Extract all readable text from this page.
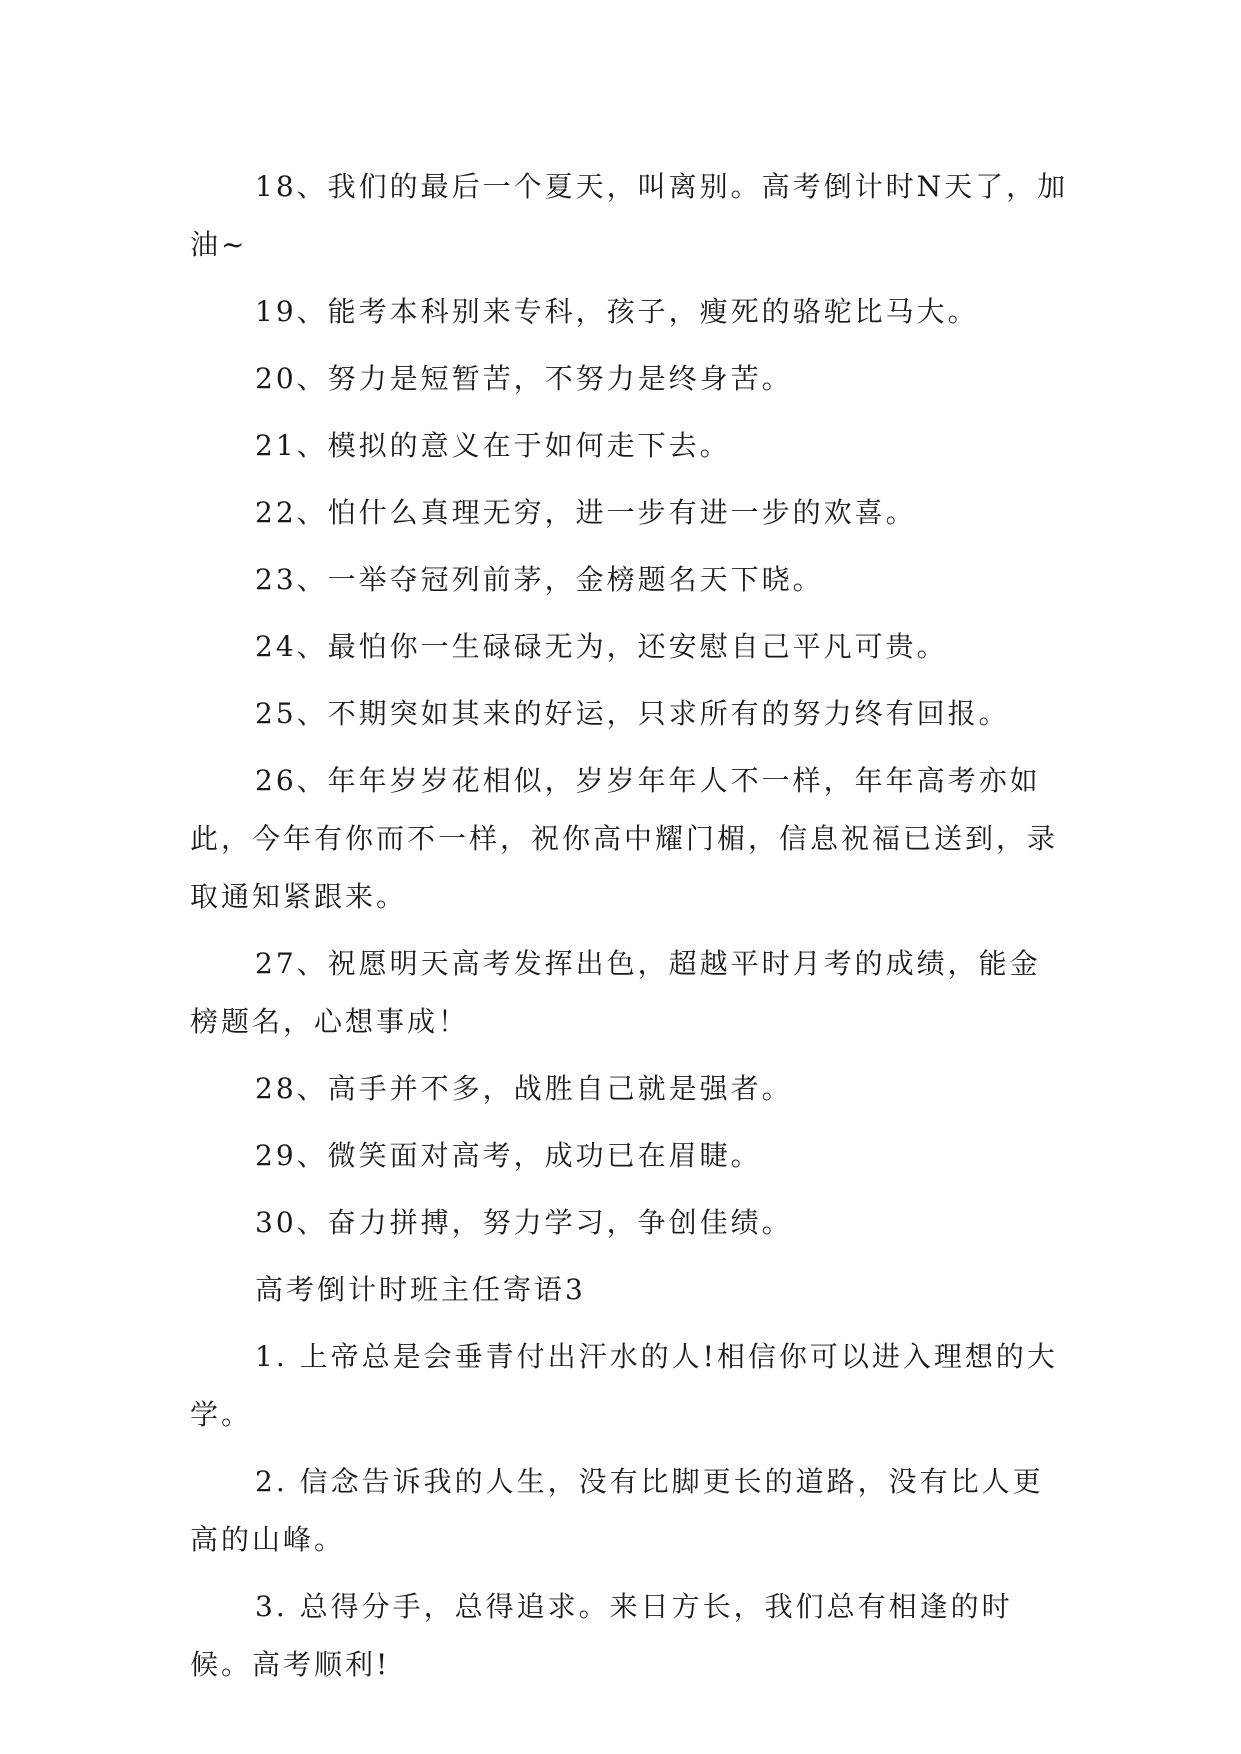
18、我们的最后一个夏天，叫离别。高考倒计时N天了，加油~

19、能考本科别来专科，孩子，瘦死的骆驼比马大。

20、努力是短暂苦，不努力是终身苦。

21、模拟的意义在于如何走下去。

22、怕什么真理无穷，进一步有进一步的欢喜。

23、一举夺冠列前茅，金榜题名天下晓。

24、最怕你一生碌碌无为，还安慰自己平凡可贵。

25、不期突如其来的好运，只求所有的努力终有回报。

26、年年岁岁花相似，岁岁年年人不一样，年年高考亦如此，今年有你而不一样，祝你高中耀门楣，信息祝福已送到，录取通知紧跟来。

27、祝愿明天高考发挥出色，超越平时月考的成绩，能金榜题名，心想事成！

28、高手并不多，战胜自己就是强者。

29、微笑面对高考，成功已在眉睫。

30、奋力拼搏，努力学习，争创佳绩。

高考倒计时班主任寄语3

1. 上帝总是会垂青付出汗水的人!相信你可以进入理想的大学。

2. 信念告诉我的人生，没有比脚更长的道路，没有比人更高的山峰。

3. 总得分手，总得追求。来日方长，我们总有相逢的时候。高考顺利!
